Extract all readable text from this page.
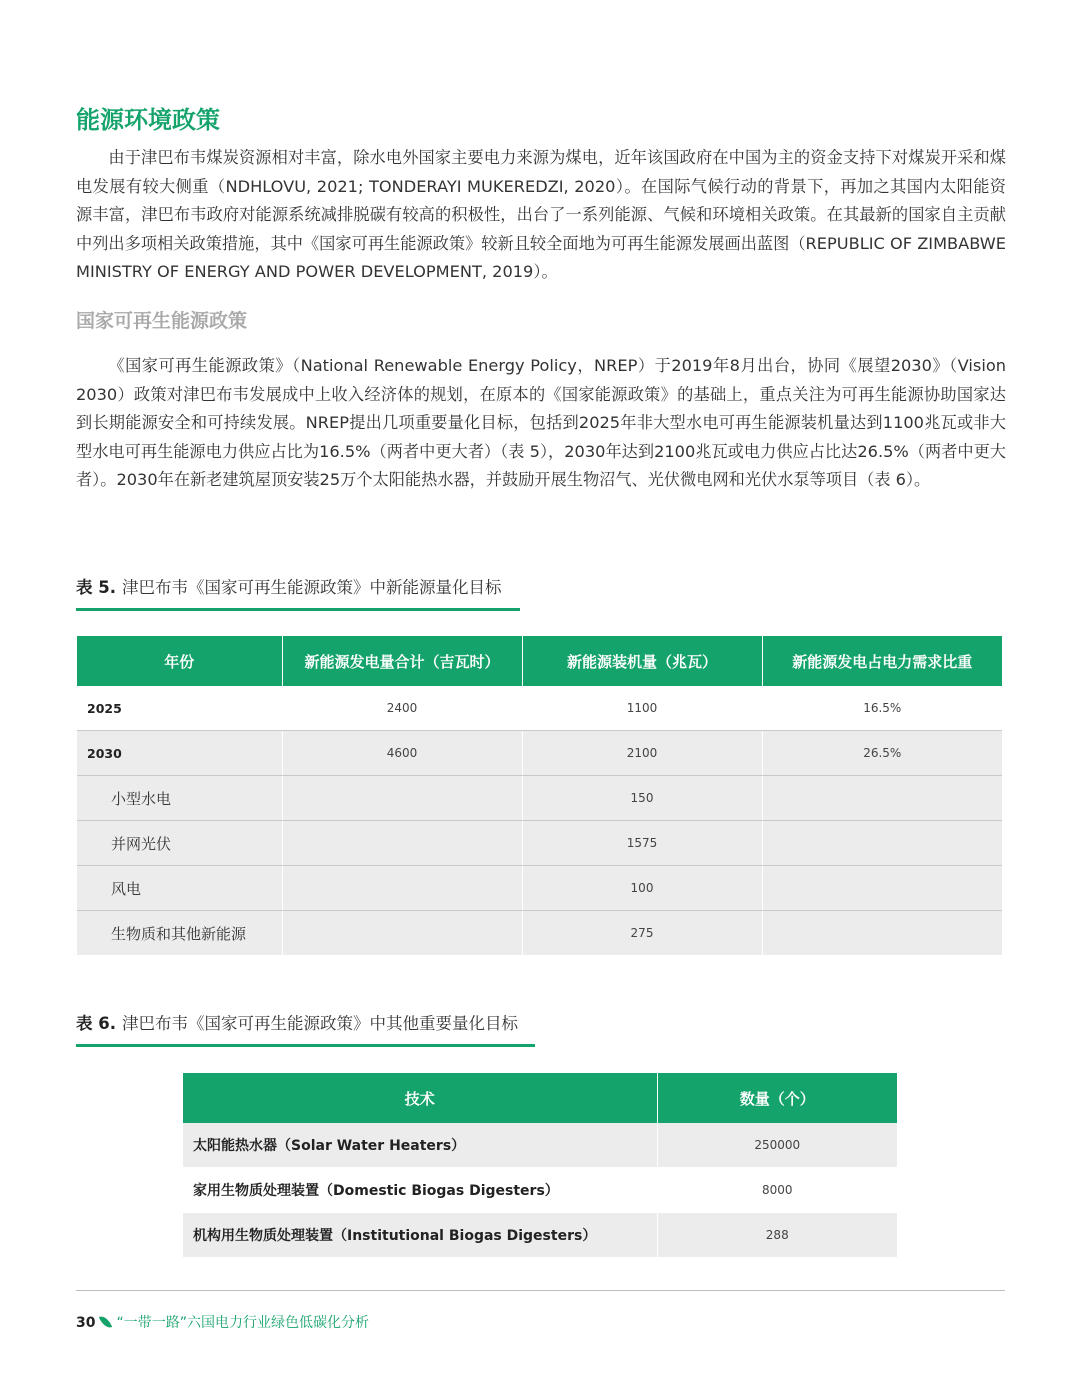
能源环境政策

由于津巴布韦煤炭资源相对丰富，除水电外国家主要电力来源为煤电，近年该国政府在中国为主的资金支持下对煤炭开采和煤电发展有较大侧重（NDHLOVU, 2021; TONDERAYI MUKEREDZI, 2020）。在国际气候行动的背景下，再加之其国内太阳能资源丰富，津巴布韦政府对能源系统减排脱碳有较高的积极性，出台了一系列能源、气候和环境相关政策。在其最新的国家自主贡献中列出多项相关政策措施，其中《国家可再生能源政策》较新且较全面地为可再生能源发展画出蓝图（REPUBLIC OF ZIMBABWE MINISTRY OF ENERGY AND POWER DEVELOPMENT, 2019）。

国家可再生能源政策

《国家可再生能源政策》（National Renewable Energy Policy，NREP）于2019年8月出台，协同《展望2030》（Vision 2030）政策对津巴布韦发展成中上收入经济体的规划，在原本的《国家能源政策》的基础上，重点关注为可再生能源协助国家达到长期能源安全和可持续发展。NREP提出几项重要量化目标，包括到2025年非大型水电可再生能源装机量达到1100兆瓦或非大型水电可再生能源电力供应占比为16.5%（两者中更大者）（表 5），2030年达到2100兆瓦或电力供应占比达26.5%（两者中更大者）。2030年在新老建筑屋顶安装25万个太阳能热水器，并鼓励开展生物沼气、光伏微电网和光伏水泵等项目（表 6）。

表 5. 津巴布韦《国家可再生能源政策》中新能源量化目标
年份	新能源发电量合计（吉瓦时）	新能源装机量（兆瓦）	新能源发电占电力需求比重
2025	2400	1100	16.5%
2030	4600	2100	26.5%
小型水电		150	
并网光伏		1575	
风电		100	
生物质和其他新能源		275	
表 6. 津巴布韦《国家可再生能源政策》中其他重要量化目标
技术	数量（个）
太阳能热水器（Solar Water Heaters）	250000
家用生物质处理装置（Domestic Biogas Digesters）	8000
机构用生物质处理装置（Institutional Biogas Digesters）	288
30 “一带一路”六国电力行业绿色低碳化分析
